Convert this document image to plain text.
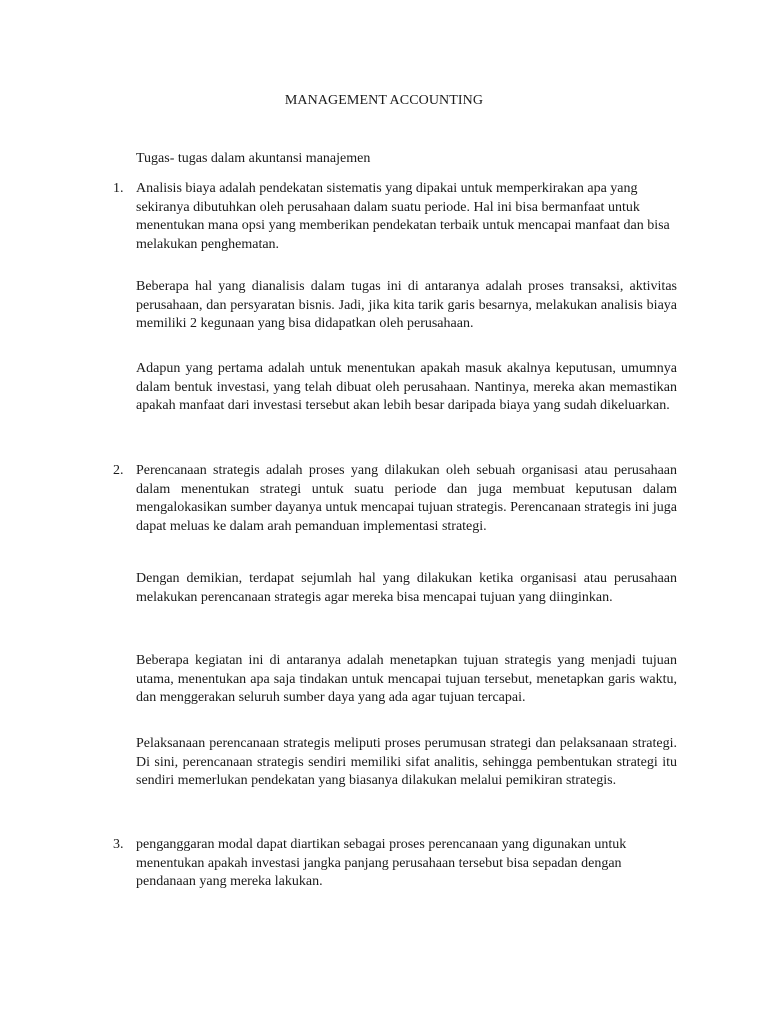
MANAGEMENT ACCOUNTING
Tugas- tugas dalam akuntansi manajemen
1. Analisis biaya adalah pendekatan sistematis yang dipakai untuk memperkirakan apa yang sekiranya dibutuhkan oleh perusahaan dalam suatu periode. Hal ini bisa bermanfaat untuk menentukan mana opsi yang memberikan pendekatan terbaik untuk mencapai manfaat dan bisa melakukan penghematan.

Beberapa hal yang dianalisis dalam tugas ini di antaranya adalah proses transaksi, aktivitas perusahaan, dan persyaratan bisnis. Jadi, jika kita tarik garis besarnya, melakukan analisis biaya memiliki 2 kegunaan yang bisa didapatkan oleh perusahaan.

Adapun yang pertama adalah untuk menentukan apakah masuk akalnya keputusan, umumnya dalam bentuk investasi, yang telah dibuat oleh perusahaan. Nantinya, mereka akan memastikan apakah manfaat dari investasi tersebut akan lebih besar daripada biaya yang sudah dikeluarkan.

2. Perencanaan strategis adalah proses yang dilakukan oleh sebuah organisasi atau perusahaan dalam menentukan strategi untuk suatu periode dan juga membuat keputusan dalam mengalokasikan sumber dayanya untuk mencapai tujuan strategis. Perencanaan strategis ini juga dapat meluas ke dalam arah pemanduan implementasi strategi.

Dengan demikian, terdapat sejumlah hal yang dilakukan ketika organisasi atau perusahaan melakukan perencanaan strategis agar mereka bisa mencapai tujuan yang diinginkan.

Beberapa kegiatan ini di antaranya adalah menetapkan tujuan strategis yang menjadi tujuan utama, menentukan apa saja tindakan untuk mencapai tujuan tersebut, menetapkan garis waktu, dan menggerakan seluruh sumber daya yang ada agar tujuan tercapai.

Pelaksanaan perencanaan strategis meliputi proses perumusan strategi dan pelaksanaan strategi. Di sini, perencanaan strategis sendiri memiliki sifat analitis, sehingga pembentukan strategi itu sendiri memerlukan pendekatan yang biasanya dilakukan melalui pemikiran strategis.

3. penganggaran modal dapat diartikan sebagai proses perencanaan yang digunakan untuk menentukan apakah investasi jangka panjang perusahaan tersebut bisa sepadan dengan pendanaan yang mereka lakukan.
